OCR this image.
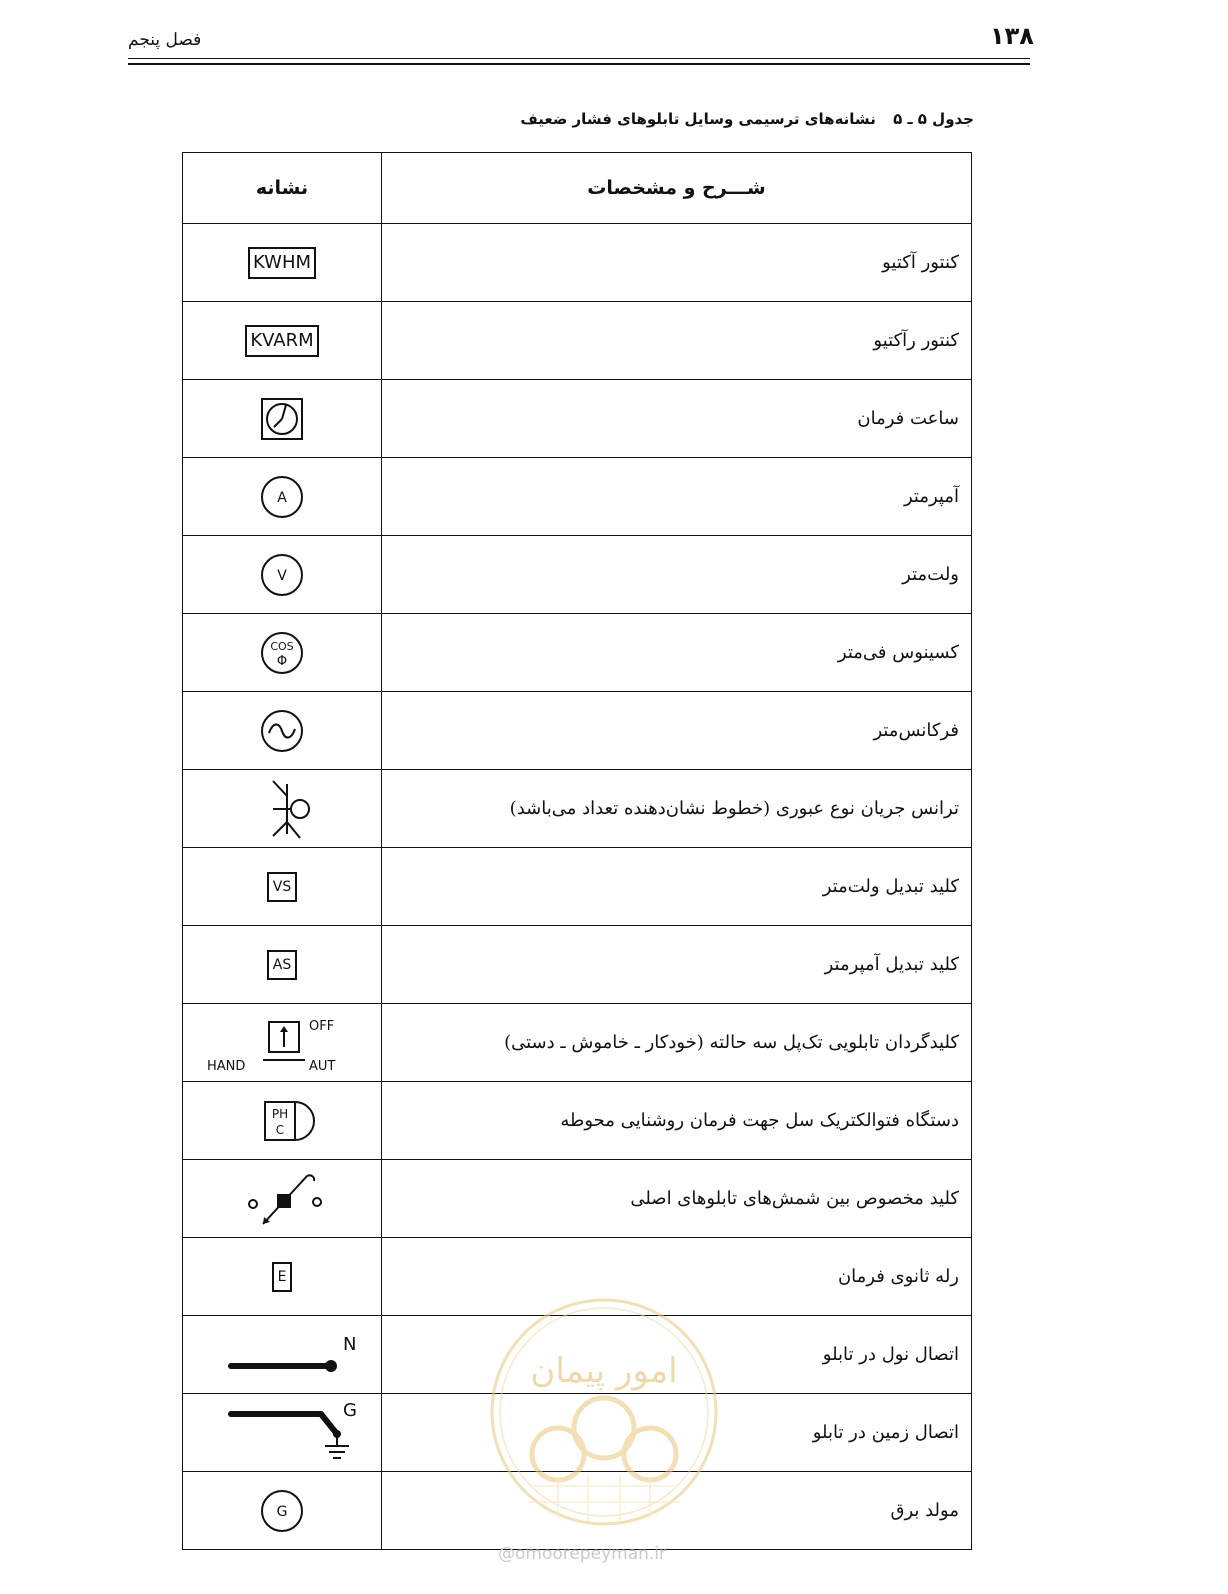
۱۳۸
فصل پنجم
جدول ۵ ـ ۵ نشانه‌های ترسیمی وسایل تابلوهای فشار ضعیف
نشانه	شـــرح و مشخصات
KWHM	کنتور آکتیو
KVARM	کنتور رآکتیو
	ساعت فرمان

A	آمپرمتر

V	ولت‌متر

COS
Φ	کسینوس فی‌متر
	فرکانس‌متر
	ترانس جریان نوع عبوری (خطوط نشان‌دهنده تعداد می‌باشد)
VS	کلید تبدیل ولت‌متر
AS	کلید تبدیل آمپرمتر

OFF
HAND AUT	کلیدگردان تابلویی تک‌پل سه حالته (خودکار ـ خاموش ـ دستی)

PH
C	دستگاه فتوالکتریک سل جهت فرمان روشنایی محوطه
	کلید مخصوص بین شمش‌های تابلوهای اصلی
E	رله ثانوی فرمان

N	اتصال نول در تابلو

G	اتصال زمین در تابلو

G	مولد برق
امور پیمان
@omoorepeyman.ir
